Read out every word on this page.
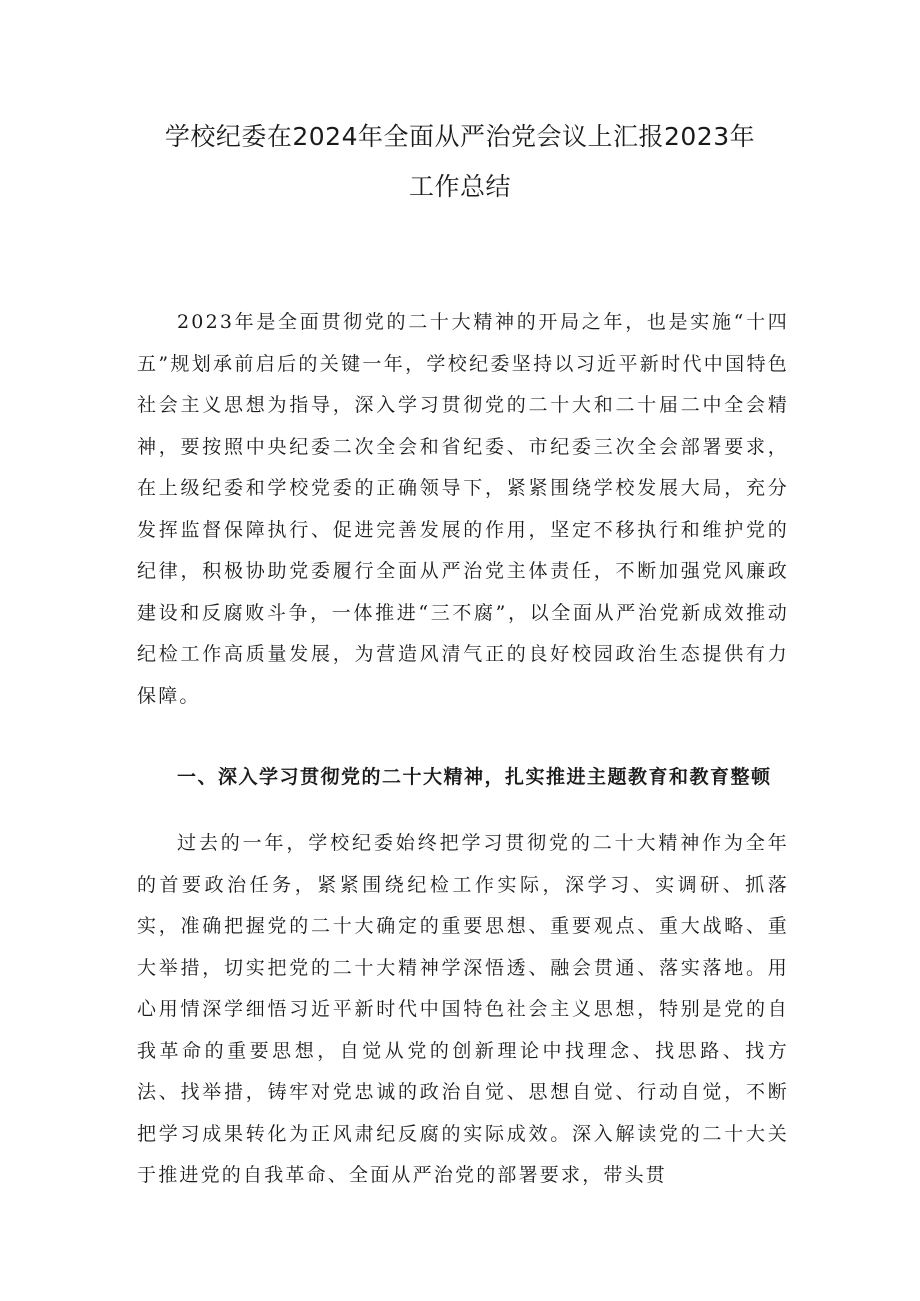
学校纪委在2024年全面从严治党会议上汇报2023年
工作总结

2023年是全面贯彻党的二十大精神的开局之年，也是实施“十四五”规划承前启后的关键一年，学校纪委坚持以习近平新时代中国特色社会主义思想为指导，深入学习贯彻党的二十大和二十届二中全会精神，要按照中央纪委二次全会和省纪委、市纪委三次全会部署要求，在上级纪委和学校党委的正确领导下，紧紧围绕学校发展大局，充分发挥监督保障执行、促进完善发展的作用，坚定不移执行和维护党的纪律，积极协助党委履行全面从严治党主体责任，不断加强党风廉政建设和反腐败斗争，一体推进“三不腐”，以全面从严治党新成效推动纪检工作高质量发展，为营造风清气正的良好校园政治生态提供有力保障。

一、深入学习贯彻党的二十大精神，扎实推进主题教育和教育整顿

过去的一年，学校纪委始终把学习贯彻党的二十大精神作为全年的首要政治任务，紧紧围绕纪检工作实际，深学习、实调研、抓落实，准确把握党的二十大确定的重要思想、重要观点、重大战略、重大举措，切实把党的二十大精神学深悟透、融会贯通、落实落地。用心用情深学细悟习近平新时代中国特色社会主义思想，特别是党的自我革命的重要思想，自觉从党的创新理论中找理念、找思路、找方法、找举措，铸牢对党忠诚的政治自觉、思想自觉、行动自觉，不断把学习成果转化为正风肃纪反腐的实际成效。深入解读党的二十大关于推进党的自我革命、全面从严治党的部署要求，带头贯
